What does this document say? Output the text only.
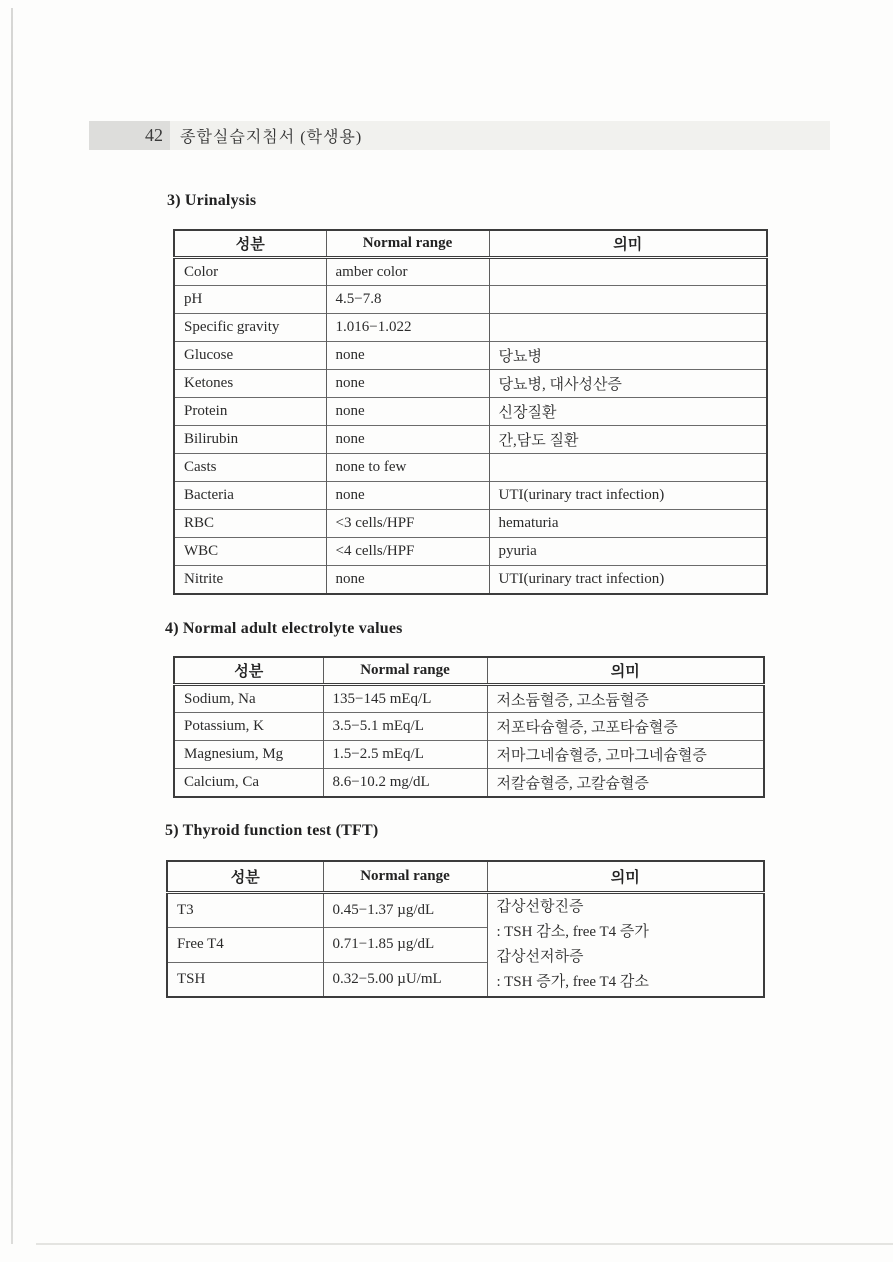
42	종합실습지침서 (학생용)
3) Urinalysis
성분	Normal range	의미
Color	amber color	
pH	4.5−7.8	
Specific gravity	1.016−1.022	
Glucose	none	당뇨병
Ketones	none	당뇨병, 대사성산증
Protein	none	신장질환
Bilirubin	none	간,담도 질환
Casts	none to few	
Bacteria	none	UTI(urinary tract infection)
RBC	<3 cells/HPF	hematuria
WBC	<4 cells/HPF	pyuria
Nitrite	none	UTI(urinary tract infection)
4) Normal adult electrolyte values
성분	Normal range	의미
Sodium, Na	135−145 mEq/L	저소듐혈증, 고소듐혈증
Potassium, K	3.5−5.1 mEq/L	저포타슘혈증, 고포타슘혈증
Magnesium, Mg	1.5−2.5 mEq/L	저마그네슘혈증, 고마그네슘혈증
Calcium, Ca	8.6−10.2 mg/dL	저칼슘혈증, 고칼슘혈증
5) Thyroid function test (TFT)
성분	Normal range	의미
T3	0.45−1.37 µg/dL	갑상선항진증
: TSH 감소, free T4 증가
갑상선저하증
: TSH 증가, free T4 감소

Free T4	0.71−1.85 µg/dL	
TSH	0.32−5.00 µU/mL	
